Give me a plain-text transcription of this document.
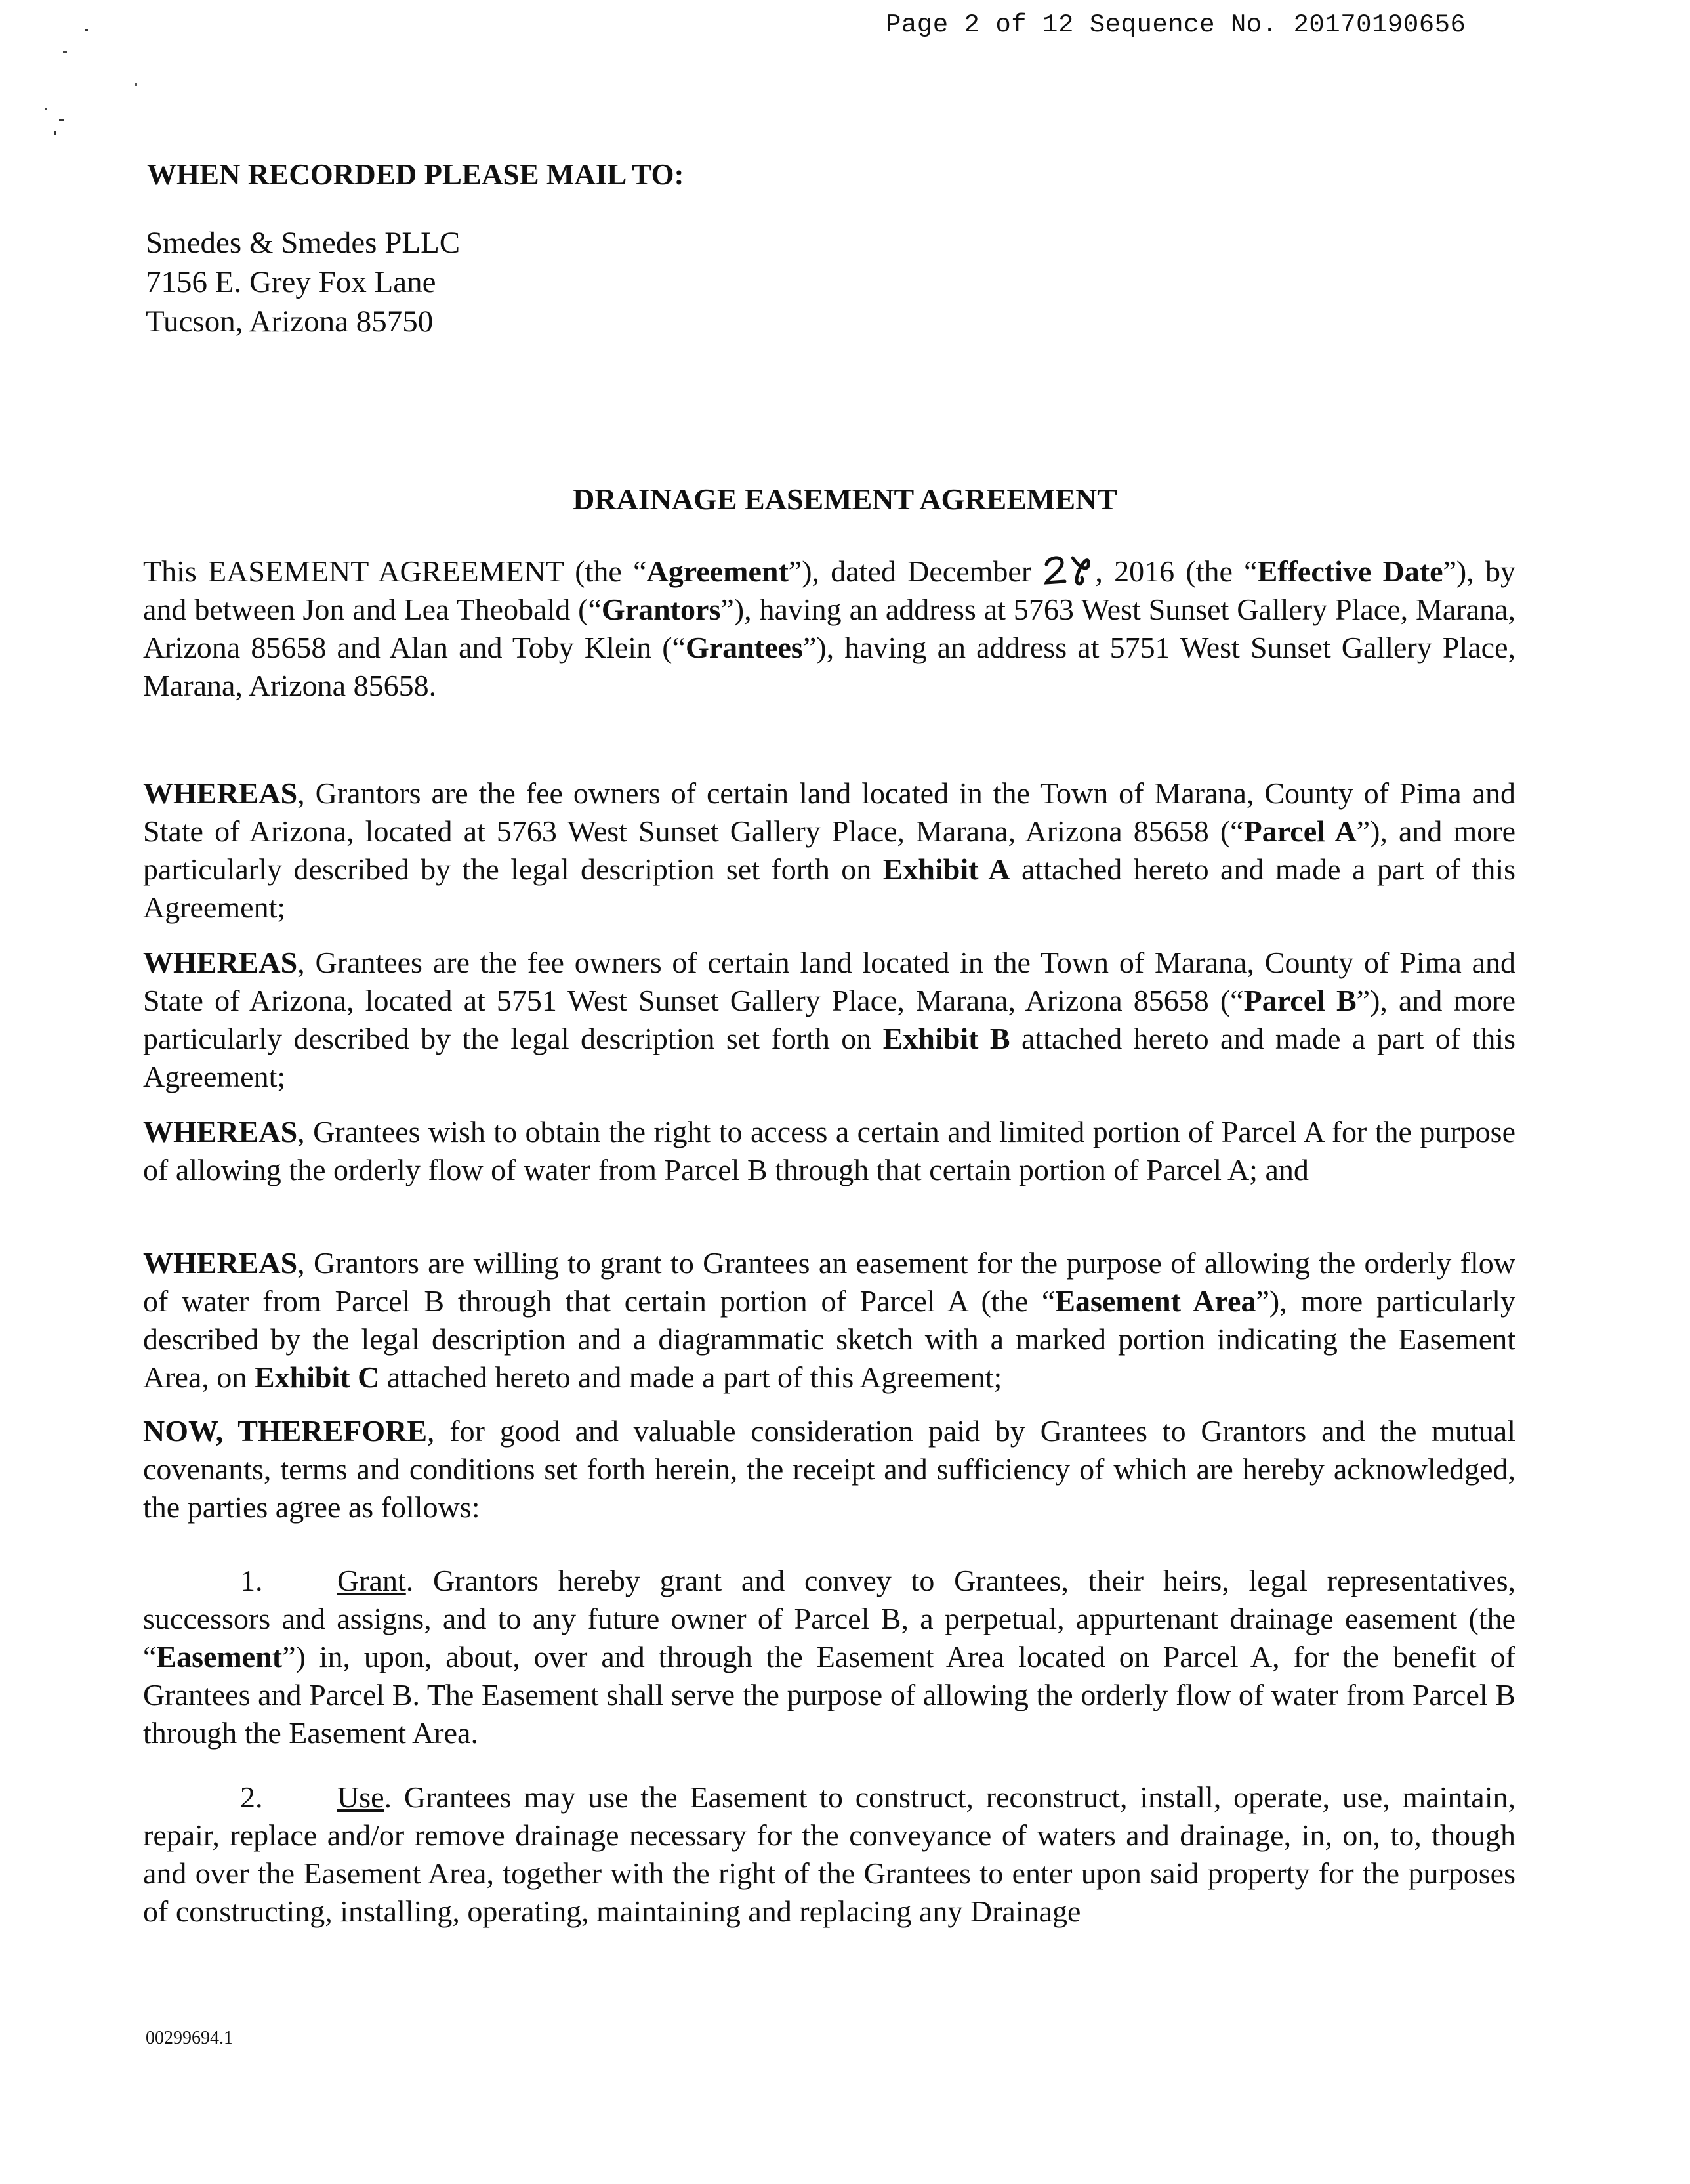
Page 2 of 12 Sequence No. 20170190656
WHEN RECORDED PLEASE MAIL TO:
Smedes & Smedes PLLC
7156 E. Grey Fox Lane
Tucson, Arizona 85750
DRAINAGE EASEMENT AGREEMENT

This EASEMENT AGREEMENT (the “Agreement”), dated December , 2016 (the “Effective Date”), by and between Jon and Lea Theobald (“Grantors”), having an address at 5763 West Sunset Gallery Place, Marana, Arizona 85658 and Alan and Toby Klein (“Grantees”), having an address at 5751 West Sunset Gallery Place, Marana, Arizona 85658.

WHEREAS, Grantors are the fee owners of certain land located in the Town of Marana, County of Pima and State of Arizona, located at 5763 West Sunset Gallery Place, Marana, Arizona 85658 (“Parcel A”), and more particularly described by the legal description set forth on Exhibit A attached hereto and made a part of this Agreement;

WHEREAS, Grantees are the fee owners of certain land located in the Town of Marana, County of Pima and State of Arizona, located at 5751 West Sunset Gallery Place, Marana, Arizona 85658 (“Parcel B”), and more particularly described by the legal description set forth on Exhibit B attached hereto and made a part of this Agreement;

WHEREAS, Grantees wish to obtain the right to access a certain and limited portion of Parcel A for the purpose of allowing the orderly flow of water from Parcel B through that certain portion of Parcel A; and

WHEREAS, Grantors are willing to grant to Grantees an easement for the purpose of allowing the orderly flow of water from Parcel B through that certain portion of Parcel A (the “Easement Area”), more particularly described by the legal description and a diagrammatic sketch with a marked portion indicating the Easement Area, on Exhibit C attached hereto and made a part of this Agreement;

NOW, THEREFORE, for good and valuable consideration paid by Grantees to Grantors and the mutual covenants, terms and conditions set forth herein, the receipt and sufficiency of which are hereby acknowledged, the parties agree as follows:

1. Grant. Grantors hereby grant and convey to Grantees, their heirs, legal representatives, successors and assigns, and to any future owner of Parcel B, a perpetual, appurtenant drainage easement (the “Easement”) in, upon, about, over and through the Easement Area located on Parcel A, for the benefit of Grantees and Parcel B. The Easement shall serve the purpose of allowing the orderly flow of water from Parcel B through the Easement Area.

2. Use. Grantees may use the Easement to construct, reconstruct, install, operate, use, maintain, repair, replace and/or remove drainage necessary for the conveyance of waters and drainage, in, on, to, though and over the Easement Area, together with the right of the Grantees to enter upon said property for the purposes of constructing, installing, operating, maintaining and replacing any Drainage

00299694.1
